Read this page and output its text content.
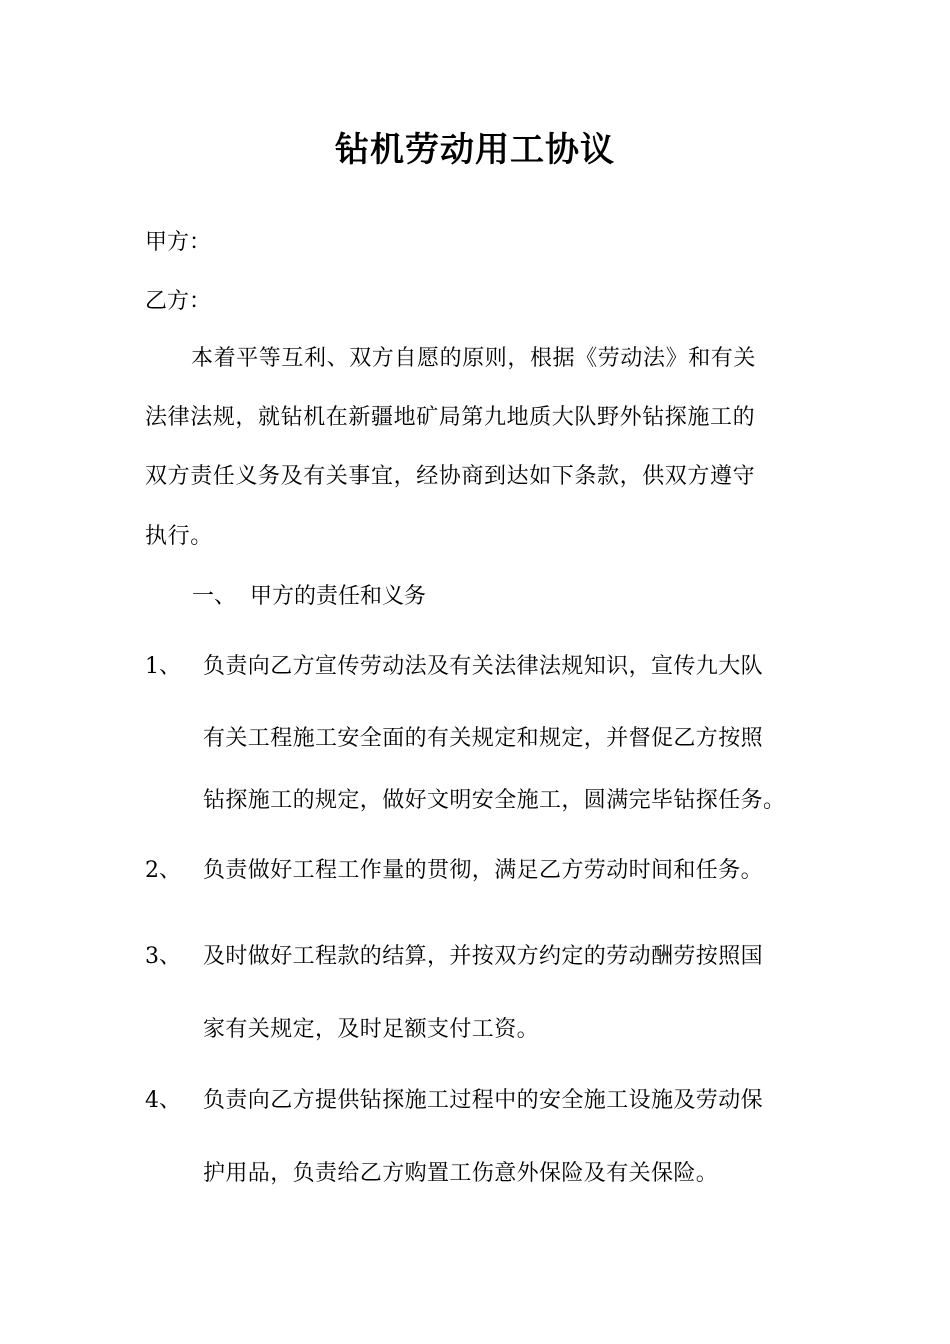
钻机劳动用工协议
甲方：
乙方：
本着平等互利、双方自愿的原则，根据《劳动法》和有关
法律法规，就钻机在新疆地矿局第九地质大队野外钻探施工的
双方责任义务及有关事宜，经协商到达如下条款，供双方遵守
执行。
一、 甲方的责任和义务
1、 负责向乙方宣传劳动法及有关法律法规知识，宣传九大队
有关工程施工安全面的有关规定和规定，并督促乙方按照
钻探施工的规定，做好文明安全施工，圆满完毕钻探任务。
2、 负责做好工程工作量的贯彻，满足乙方劳动时间和任务。
3、 及时做好工程款的结算，并按双方约定的劳动酬劳按照国
家有关规定，及时足额支付工资。
4、 负责向乙方提供钻探施工过程中的安全施工设施及劳动保
护用品，负责给乙方购置工伤意外保险及有关保险。
